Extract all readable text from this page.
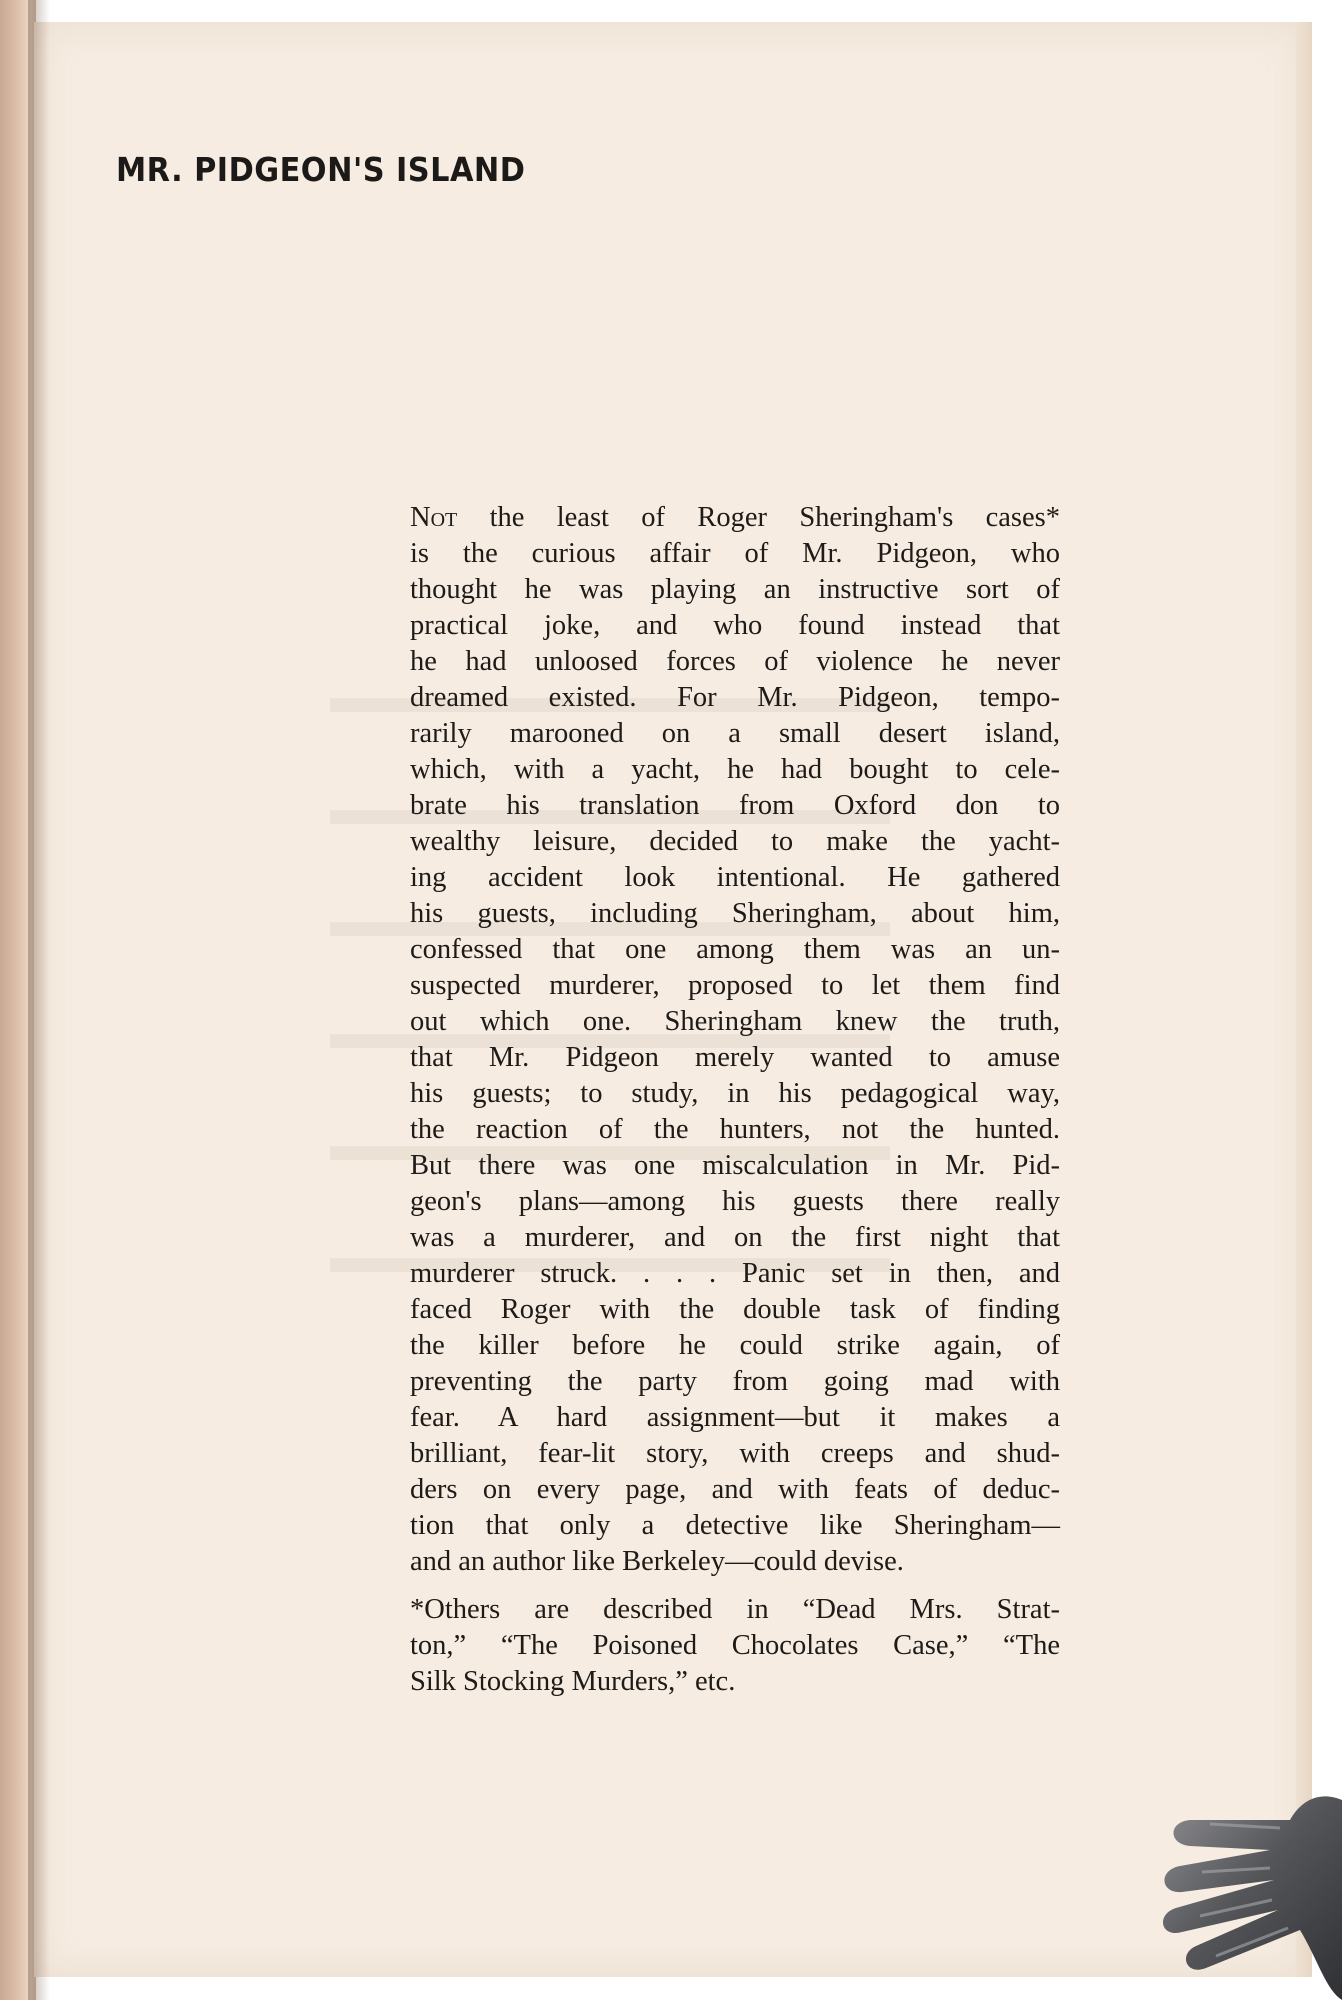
MR. PIDGEON'S ISLAND
Not the least of Roger Sheringham's cases*
is the curious affair of Mr. Pidgeon, who
thought he was playing an instructive sort of
practical joke, and who found instead that
he had unloosed forces of violence he never
dreamed existed. For Mr. Pidgeon, tempo-
rarily marooned on a small desert island,
which, with a yacht, he had bought to cele-
brate his translation from Oxford don to
wealthy leisure, decided to make the yacht-
ing accident look intentional. He gathered
his guests, including Sheringham, about him,
confessed that one among them was an un-
suspected murderer, proposed to let them find
out which one. Sheringham knew the truth,
that Mr. Pidgeon merely wanted to amuse
his guests; to study, in his pedagogical way,
the reaction of the hunters, not the hunted.
But there was one miscalculation in Mr. Pid-
geon's plans—among his guests there really
was a murderer, and on the first night that
murderer struck. . . . Panic set in then, and
faced Roger with the double task of finding
the killer before he could strike again, of
preventing the party from going mad with
fear. A hard assignment—but it makes a
brilliant, fear-lit story, with creeps and shud-
ders on every page, and with feats of deduc-
tion that only a detective like Sheringham—
and an author like Berkeley—could devise.
*Others are described in “Dead Mrs. Strat-
ton,” “The Poisoned Chocolates Case,” “The
Silk Stocking Murders,” etc.
